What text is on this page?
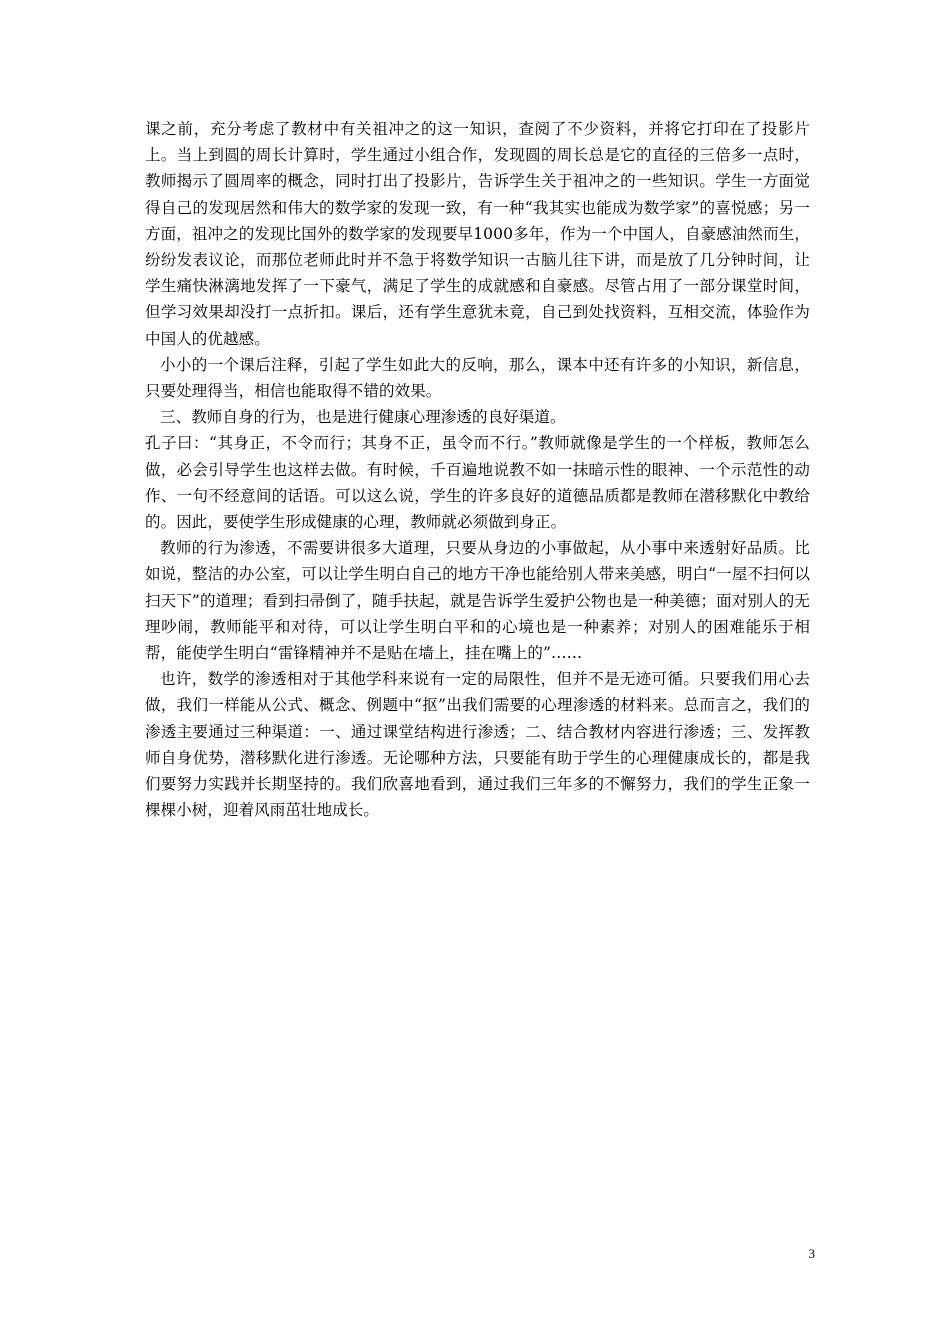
课之前，充分考虑了教材中有关祖冲之的这一知识，查阅了不少资料，并将它打印在了投影片上。当上到圆的周长计算时，学生通过小组合作，发现圆的周长总是它的直径的三倍多一点时，教师揭示了圆周率的概念，同时打出了投影片，告诉学生关于祖冲之的一些知识。学生一方面觉得自己的发现居然和伟大的数学家的发现一致，有一种“我其实也能成为数学家”的喜悦感；另一方面，祖冲之的发现比国外的数学家的发现要早1000多年，作为一个中国人，自豪感油然而生，纷纷发表议论，而那位老师此时并不急于将数学知识一古脑儿往下讲，而是放了几分钟时间，让学生痛快淋漓地发挥了一下豪气，满足了学生的成就感和自豪感。尽管占用了一部分课堂时间，但学习效果却没打一点折扣。课后，还有学生意犹未竟，自己到处找资料，互相交流，体验作为中国人的优越感。

小小的一个课后注释，引起了学生如此大的反响，那么，课本中还有许多的小知识，新信息，只要处理得当，相信也能取得不错的效果。

三、教师自身的行为，也是进行健康心理渗透的良好渠道。

孔子曰：“其身正，不令而行；其身不正，虽令而不行。”教师就像是学生的一个样板，教师怎么做，必会引导学生也这样去做。有时候，千百遍地说教不如一抹暗示性的眼神、一个示范性的动作、一句不经意间的话语。可以这么说，学生的许多良好的道德品质都是教师在潜移默化中教给的。因此，要使学生形成健康的心理，教师就必须做到身正。

教师的行为渗透，不需要讲很多大道理，只要从身边的小事做起，从小事中来透射好品质。比如说，整洁的办公室，可以让学生明白自己的地方干净也能给别人带来美感，明白“一屋不扫何以扫天下”的道理；看到扫帚倒了，随手扶起，就是告诉学生爱护公物也是一种美德；面对别人的无理吵闹，教师能平和对待，可以让学生明白平和的心境也是一种素养；对别人的困难能乐于相帮，能使学生明白“雷锋精神并不是贴在墙上，挂在嘴上的”……

也许，数学的渗透相对于其他学科来说有一定的局限性，但并不是无迹可循。只要我们用心去做，我们一样能从公式、概念、例题中“抠”出我们需要的心理渗透的材料来。总而言之，我们的渗透主要通过三种渠道：一、通过课堂结构进行渗透；二、结合教材内容进行渗透；三、发挥教师自身优势，潜移默化进行渗透。无论哪种方法，只要能有助于学生的心理健康成长的，都是我们要努力实践并长期坚持的。我们欣喜地看到，通过我们三年多的不懈努力，我们的学生正象一棵棵小树，迎着风雨茁壮地成长。

3
